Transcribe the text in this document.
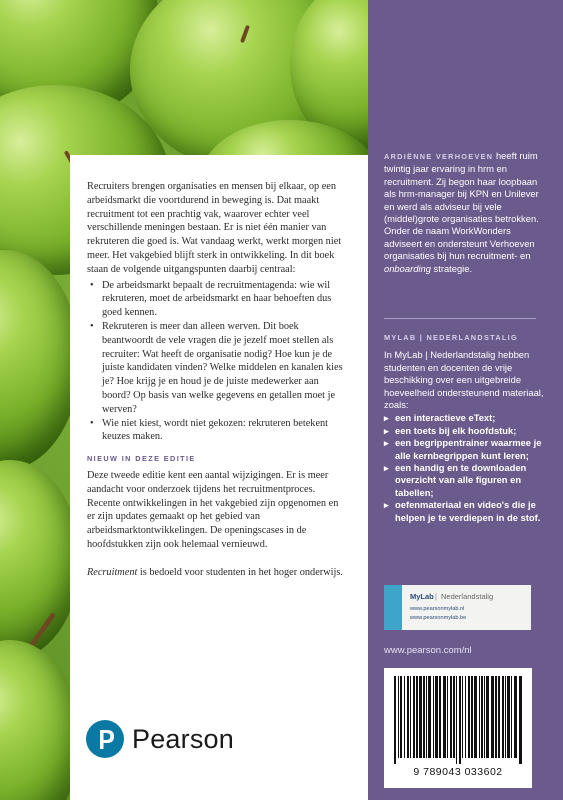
Recruiters brengen organisaties en mensen bij elkaar, op een arbeidsmarkt die voortdurend in beweging is. Dat maakt recruitment tot een prachtig vak, waarover echter veel verschillende meningen bestaan. Er is niet één manier van rekruteren die goed is. Wat vandaag werkt, werkt morgen niet meer. Het vakgebied blijft sterk in ontwikkeling. In dit boek staan de volgende uitgangspunten daarbij centraal:

• De arbeidsmarkt bepaalt de recruitmentagenda: wie wil rekruteren, moet de arbeidsmarkt en haar behoeften dus goed kennen.
• Rekruteren is meer dan alleen werven. Dit boek beantwoordt de vele vragen die je jezelf moet stellen als recruiter: Wat heeft de organisatie nodig? Hoe kun je de juiste kandidaten vinden? Welke middelen en kanalen kies je? Hoe krijg je en houd je de juiste medewerker aan boord? Op basis van welke gegevens en getallen moet je werven?
• Wie niet kiest, wordt niet gekozen: rekruteren betekent keuzes maken.
NIEUW IN DEZE EDITIE

Deze tweede editie kent een aantal wijzigingen. Er is meer aandacht voor onderzoek tijdens het recruitmentproces. Recente ontwikkelingen in het vakgebied zijn opgenomen en er zijn updates gemaakt op het gebied van arbeidsmarktontwikkelingen. De openingscases in de hoofdstukken zijn ook helemaal vernieuwd.

Recruitment is bedoeld voor studenten in het hoger onderwijs.

Pearson
ARDIËNNE VERHOEVEN heeft ruim twintig jaar ervaring in hrm en recruitment. Zij begon haar loopbaan als hrm-manager bij KPN en Unilever en werd als adviseur bij vele (middel)grote organisaties betrokken. Onder de naam WorkWonders adviseert en ondersteunt Verhoeven organisaties bij hun recruitment- en onboarding strategie.
MYLAB | NEDERLANDSTALIG
In MyLab | Nederlandstalig hebben studenten en docenten de vrije beschikking over een uitgebreide hoeveelheid ondersteunend materiaal, zoals:
▸ een interactieve eText;
▸ een toets bij elk hoofdstuk;
▸ een begrippentrainer waarmee je alle kernbegrippen kunt leren;
▸ een handig en te downloaden overzicht van alle figuren en tabellen;
▸ oefenmateriaal en video's die je helpen je te verdiepen in de stof.
MyLab | Nederlandstalig
www.pearsonmylab.nl
www.pearsonmylab.be
www.pearson.com/nl
9 789043 033602
